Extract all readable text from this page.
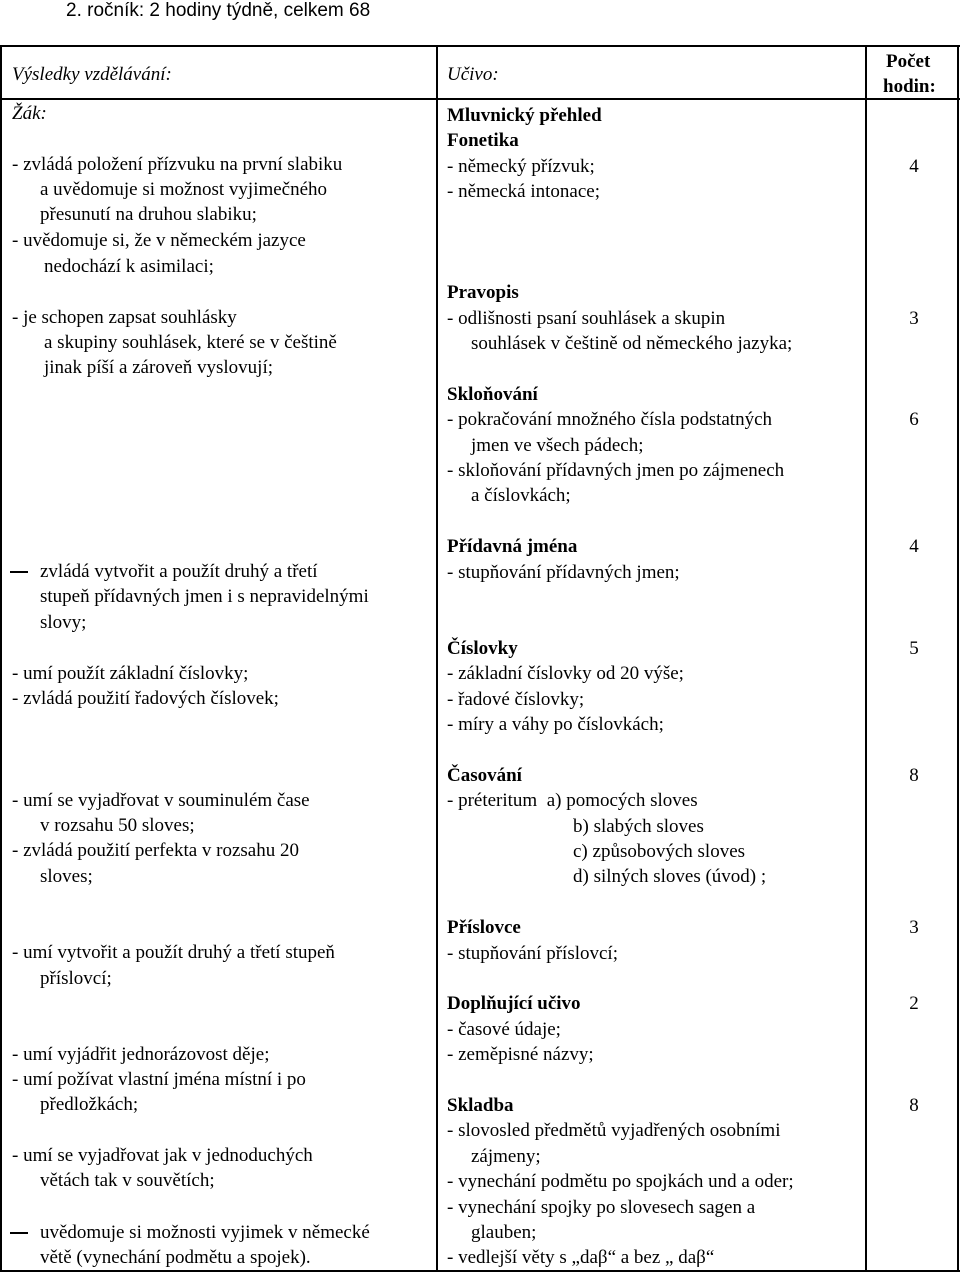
2. ročník: 2 hodiny týdně, celkem 68
Výsledky vzdělávání:	Učivo:
Počet
hodin:
Žák:
- zvládá položení přízvuku na první slabiku
a uvědomuje si možnost vyjimečného
přesunutí na druhou slabiku;
- uvědomuje si, že v německém jazyce
nedochází k asimilaci;
- je schopen zapsat souhlásky
a skupiny souhlásek, které se v češtině
jinak píší a zároveň vyslovují;
zvládá vytvořit a použít druhý a třetí
stupeň přídavných jmen i s nepravidelnými
slovy;
- umí použít základní číslovky;
- zvládá použití řadových číslovek;
- umí se vyjadřovat v souminulém čase
v rozsahu 50 sloves;
- zvládá použití perfekta v rozsahu 20
sloves;
- umí vytvořit a použít druhý a třetí stupeň
příslovcí;
- umí vyjádřit jednorázovost děje;
- umí požívat vlastní jména místní i po
předložkách;
- umí se vyjadřovat jak v jednoduchých
větách tak v souvětích;
uvědomuje si možnosti vyjimek v německé
větě (vynechání podmětu a spojek).
Mluvnický přehled
Fonetika
- německý přízvuk;
- německá intonace;
Pravopis
- odlišnosti psaní souhlásek a skupin
souhlásek v češtině od německého jazyka;
Skloňování
- pokračování množného čísla podstatných
jmen ve všech pádech;
- skloňování přídavných jmen po zájmenech
a číslovkách;
Přídavná jména
- stupňování přídavných jmen;
Číslovky
- základní číslovky od 20 výše;
- řadové číslovky;
- míry a váhy po číslovkách;
Časování
- préteritum  a) pomocých sloves
b) slabých sloves
c) způsobových sloves
d) silných sloves (úvod) ;
Příslovce
- stupňování příslovcí;
Doplňující učivo
- časové údaje;
- zeměpisné názvy;
Skladba
- slovosled předmětů vyjadřených osobními
zájmeny;
- vynechání podmětu po spojkách und a oder;
- vynechání spojky po slovesech sagen a
glauben;
- vedlejší věty s „daβ“ a bez „ daβ“
4
3
6
4
5
8
3
2
8
